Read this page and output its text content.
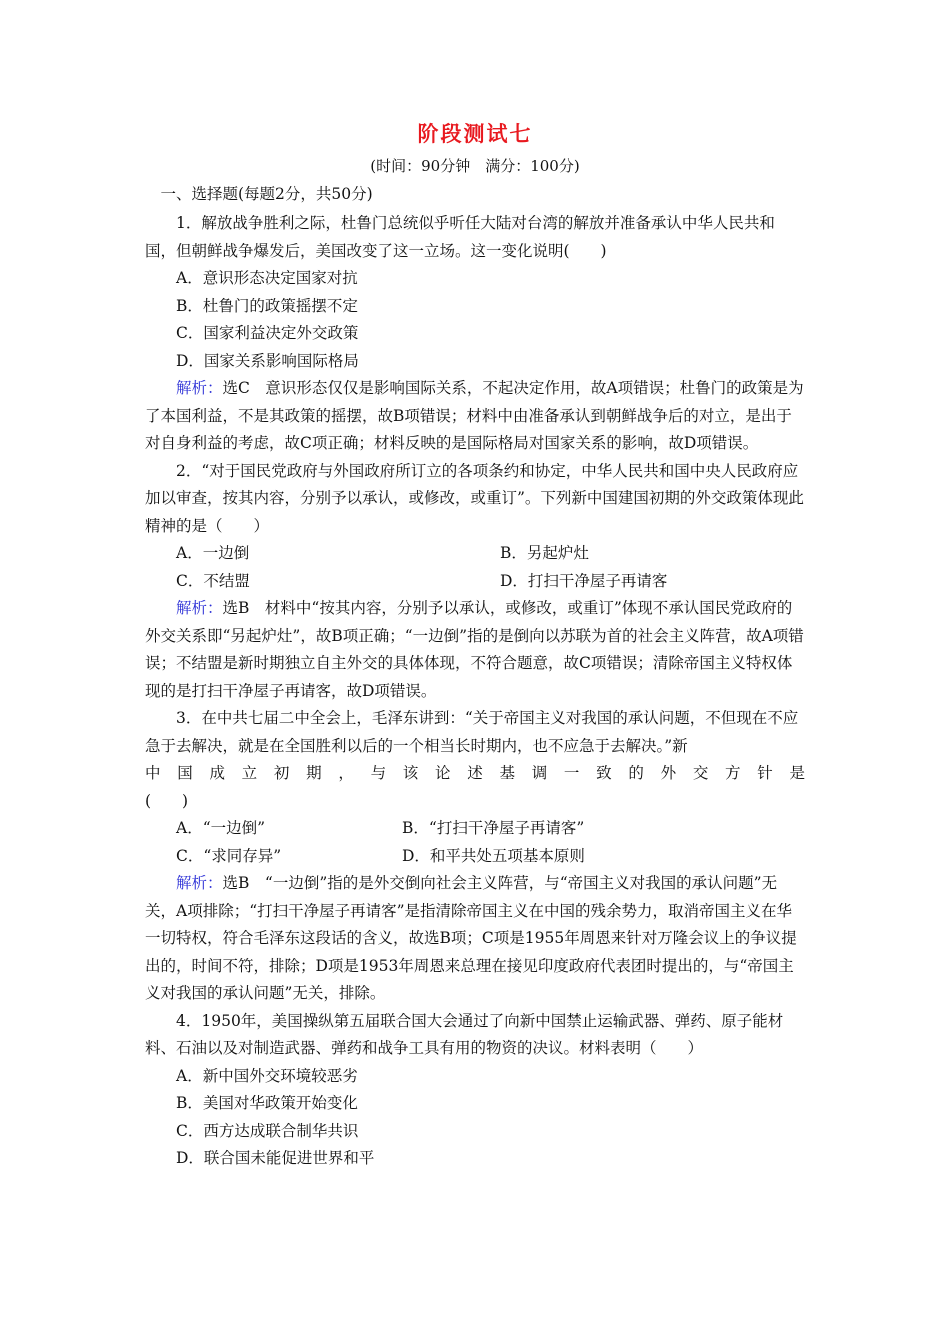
阶段测试七
(时间：90分钟　满分：100分)
一、选择题(每题2分，共50分)

1．解放战争胜利之际，杜鲁门总统似乎听任大陆对台湾的解放并准备承认中华人民共和国，但朝鲜战争爆发后，美国改变了这一立场。这一变化说明(　　)

A．意识形态决定国家对抗

B．杜鲁门的政策摇摆不定

C．国家利益决定外交政策

D．国家关系影响国际格局

解析：选C　意识形态仅仅是影响国际关系，不起决定作用，故A项错误；杜鲁门的政策是为了本国利益，不是其政策的摇摆，故B项错误；材料中由准备承认到朝鲜战争后的对立，是出于对自身利益的考虑，故C项正确；材料反映的是国际格局对国家关系的影响，故D项错误。

2．“对于国民党政府与外国政府所订立的各项条约和协定，中华人民共和国中央人民政府应加以审查，按其内容，分别予以承认，或修改，或重订”。下列新中国建国初期的外交政策体现此精神的是（　　）

A．一边倒	B．另起炉灶
C．不结盟	D．打扫干净屋子再请客

解析：选B　材料中“按其内容，分别予以承认，或修改，或重订”体现不承认国民党政府的外交关系即“另起炉灶”，故B项正确；“一边倒”指的是倒向以苏联为首的社会主义阵营，故A项错误；不结盟是新时期独立自主外交的具体体现，不符合题意，故C项错误；清除帝国主义特权体现的是打扫干净屋子再请客，故D项错误。

3．在中共七届二中全会上，毛泽东讲到：“关于帝国主义对我国的承认问题，不但现在不应急于去解决，就是在全国胜利以后的一个相当长时期内，也不应急于去解决。”新

中国成立初期，与该论述基调一致的外交方针是

(　　)

A．“一边倒”	B．“打扫干净屋子再请客”
C．“求同存异”	D．和平共处五项基本原则

解析：选B　“一边倒”指的是外交倒向社会主义阵营，与“帝国主义对我国的承认问题”无关，A项排除；“打扫干净屋子再请客”是指清除帝国主义在中国的残余势力，取消帝国主义在华一切特权，符合毛泽东这段话的含义，故选B项；C项是1955年周恩来针对万隆会议上的争议提出的，时间不符，排除；D项是1953年周恩来总理在接见印度政府代表团时提出的，与“帝国主义对我国的承认问题”无关，排除。

4．1950年，美国操纵第五届联合国大会通过了向新中国禁止运输武器、弹药、原子能材料、石油以及对制造武器、弹药和战争工具有用的物资的决议。材料表明（　　）

A．新中国外交环境较恶劣

B．美国对华政策开始变化

C．西方达成联合制华共识

D．联合国未能促进世界和平
